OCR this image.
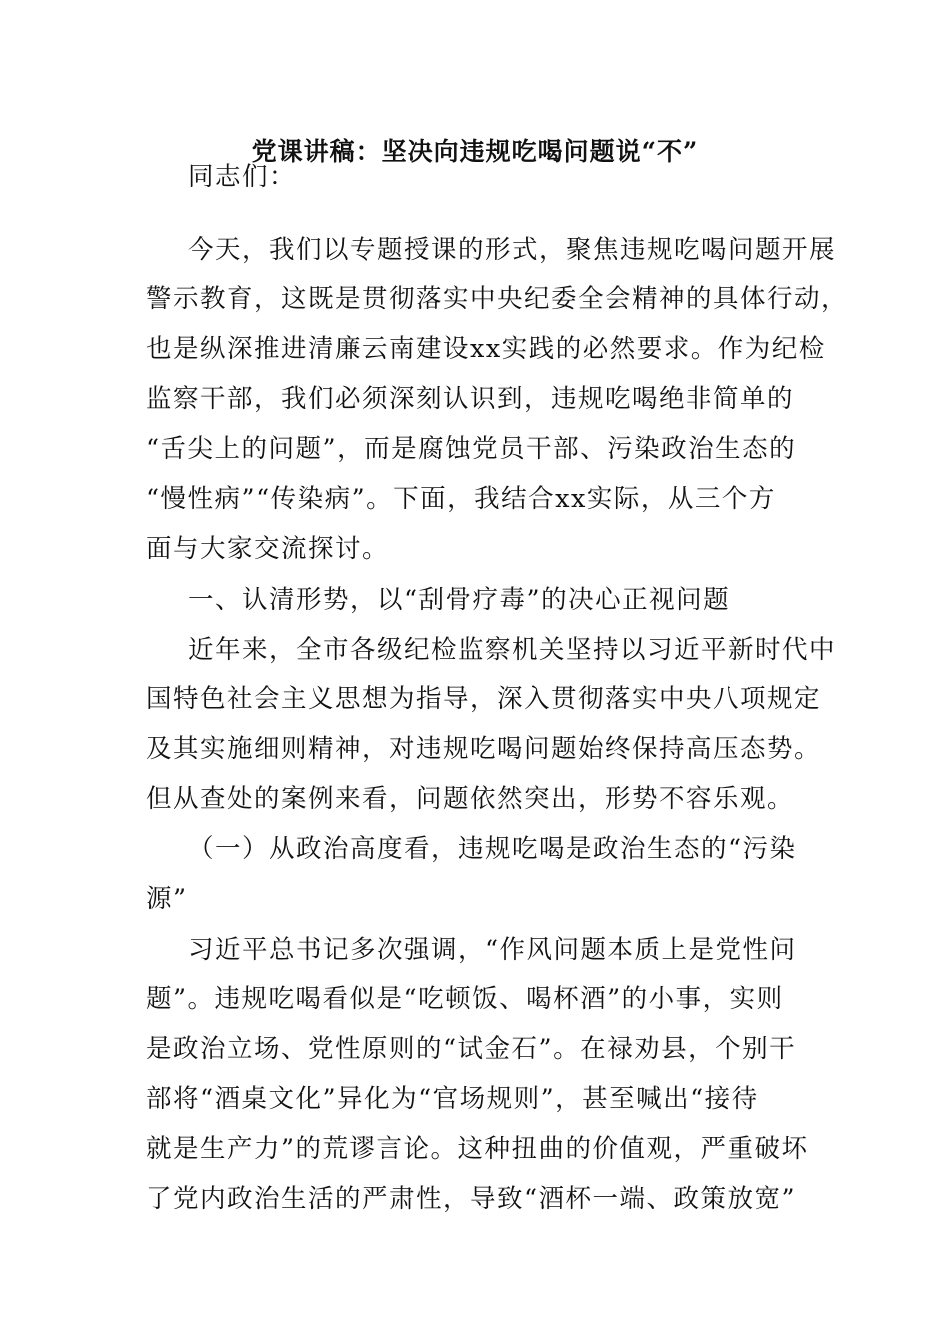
党课讲稿：坚决向违规吃喝问题说“不”
同志们：
今天，我们以专题授课的形式，聚焦违规吃喝问题开展
警示教育，这既是贯彻落实中央纪委全会精神的具体行动，
也是纵深推进清廉云南建设xx实践的必然要求。作为纪检
监察干部，我们必须深刻认识到，违规吃喝绝非简单的
“舌尖上的问题”，而是腐蚀党员干部、污染政治生态的
“慢性病”“传染病”。下面，我结合xx实际，从三个方
面与大家交流探讨。
一、认清形势，以“刮骨疗毒”的决心正视问题
近年来，全市各级纪检监察机关坚持以习近平新时代中
国特色社会主义思想为指导，深入贯彻落实中央八项规定
及其实施细则精神，对违规吃喝问题始终保持高压态势。
但从查处的案例来看，问题依然突出，形势不容乐观。
（一）从政治高度看，违规吃喝是政治生态的“污染
源”
习近平总书记多次强调，“作风问题本质上是党性问
题”。违规吃喝看似是“吃顿饭、喝杯酒”的小事，实则
是政治立场、党性原则的“试金石”。在禄劝县，个别干
部将“酒桌文化”异化为“官场规则”，甚至喊出“接待
就是生产力”的荒谬言论。这种扭曲的价值观，严重破坏
了党内政治生活的严肃性，导致“酒杯一端、政策放宽”
